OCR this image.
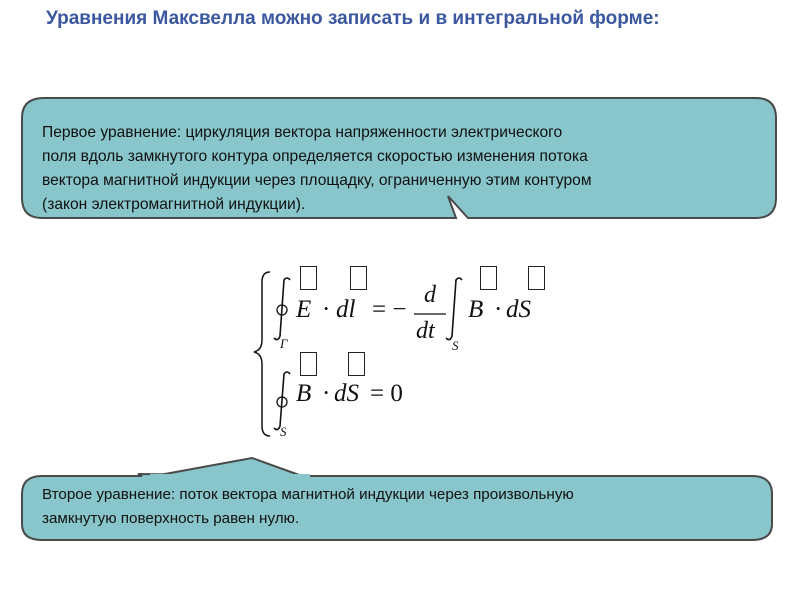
Уравнения Максвелла можно записать и в интегральной форме:
Первое уравнение: циркуляция вектора напряженности электрического
поля вдоль замкнутого контура определяется скоростью изменения потока
вектора магнитной индукции через площадку, ограниченную этим контуром
(закон электромагнитной индукции).
Второе уравнение: поток вектора магнитной индукции через произвольную
замкнутую поверхность равен нулю.
Γ
E · dl = −
d
dt
S
B · dS
S
B · dS = 0
